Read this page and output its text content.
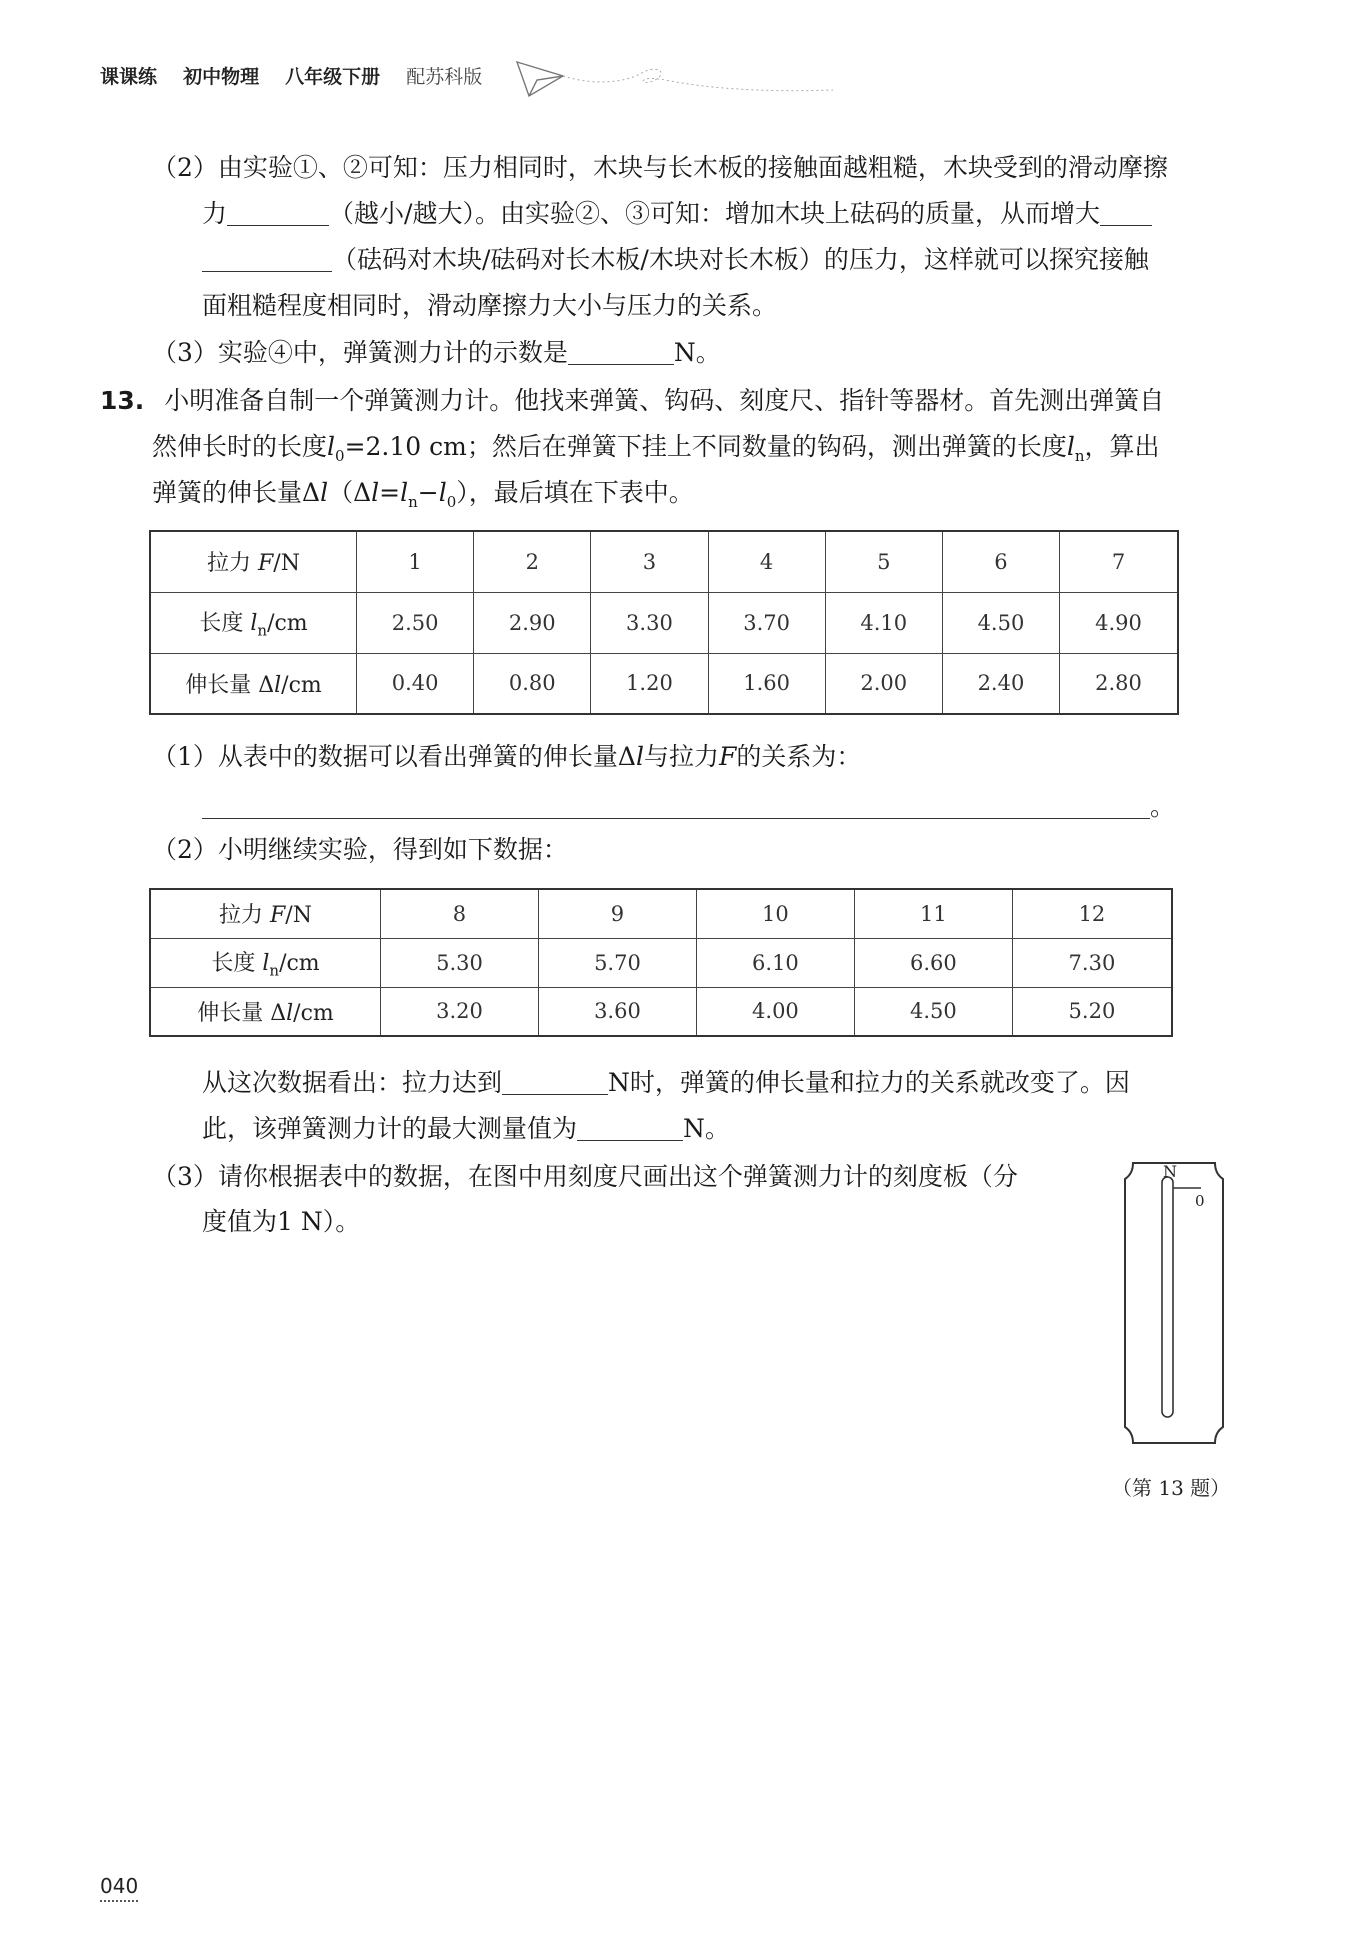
课课练 初中物理 八年级下册 配苏科版
（2）由实验①、②可知：压力相同时，木块与长木板的接触面越粗糙，木块受到的滑动摩擦
力	（越小/越大）。由实验②、③可知：增加木块上砝码的质量，从而增大
（砝码对木块/砝码对长木板/木块对长木板）的压力，这样就可以探究接触
面粗糙程度相同时，滑动摩擦力大小与压力的关系。
（3）实验④中，弹簧测力计的示数是	N。
13. 小明准备自制一个弹簧测力计。他找来弹簧、钩码、刻度尺、指针等器材。首先测出弹簧自
然伸长时的长度$l_0=2.10$ cm；然后在弹簧下挂上不同数量的钩码，测出弹簧的长度$l_n$，算出
弹簧的伸长量$\Delta l(\Delta l=l_n-l_0)$，最后填在下表中。
拉力 F/N	1	2	3	4	5	6	7
长度 $l_n/cm$	2.50	2.90	3.30	3.70	4.10	4.50	4.90
伸长量 Δl/cm	0.40	0.80	1.20	1.60	2.00	2.40	2.80
（1）从表中的数据可以看出弹簧的伸长量Δl与拉力F的关系为：
。
（2）小明继续实验，得到如下数据：
拉力 F/N	8	9	10	11	12
长度 $l_n/cm$	5.30	5.70	6.10	6.60	7.30
伸长量 Δl/cm	3.20	3.60	4.00	4.50	5.20
从这次数据看出：拉力达到	N时，弹簧的伸长量和拉力的关系就改变了。因
此，该弹簧测力计的最大测量值为	N。
（3）请你根据表中的数据，在图中用刻度尺画出这个弹簧测力计的刻度板（分
度值为1 N）。
N
0
（第 13 题）
040
